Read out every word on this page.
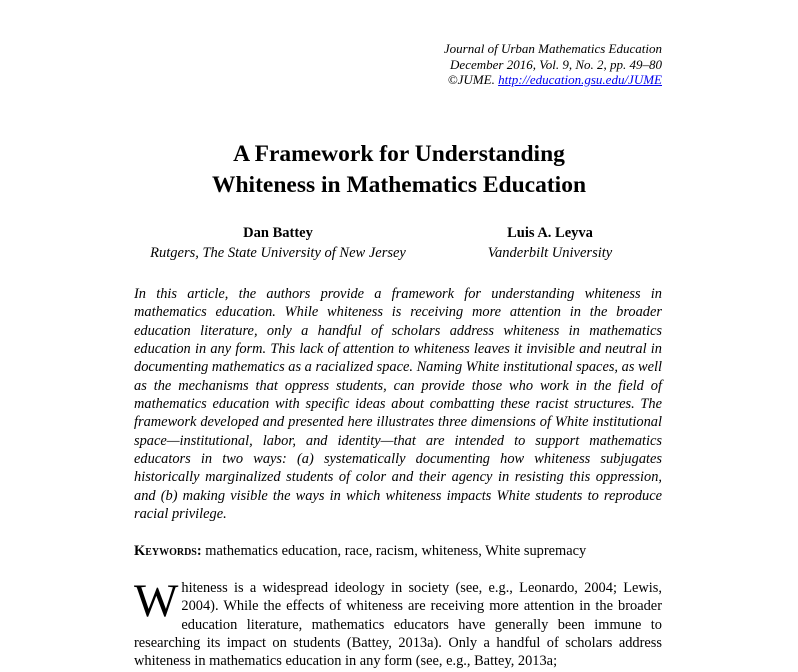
Journal of Urban Mathematics Education
December 2016, Vol. 9, No. 2, pp. 49–80
©JUME. http://education.gsu.edu/JUME
A Framework for Understanding
Whiteness in Mathematics Education
Dan Battey
Rutgers, The State University of New Jersey
Luis A. Leyva
Vanderbilt University
In this article, the authors provide a framework for understanding whiteness in mathematics education. While whiteness is receiving more attention in the broader education literature, only a handful of scholars address whiteness in mathematics education in any form. This lack of attention to whiteness leaves it invisible and neutral in documenting mathematics as a racialized space. Naming White institutional spaces, as well as the mechanisms that oppress students, can provide those who work in the field of mathematics education with specific ideas about combatting these racist structures. The framework developed and presented here illustrates three dimensions of White institutional space—institutional, labor, and identity—that are intended to support mathematics educators in two ways: (a) systematically documenting how whiteness subjugates historically marginalized students of color and their agency in resisting this oppression, and (b) making visible the ways in which whiteness impacts White students to reproduce racial privilege.
Keywords: mathematics education, race, racism, whiteness, White supremacy
Whiteness is a widespread ideology in society (see, e.g., Leonardo, 2004; Lewis, 2004). While the effects of whiteness are receiving more attention in the broader education literature, mathematics educators have generally been immune to researching its impact on students (Battey, 2013a). Only a handful of scholars address whiteness in mathematics education in any form (see, e.g., Battey, 2013a;
